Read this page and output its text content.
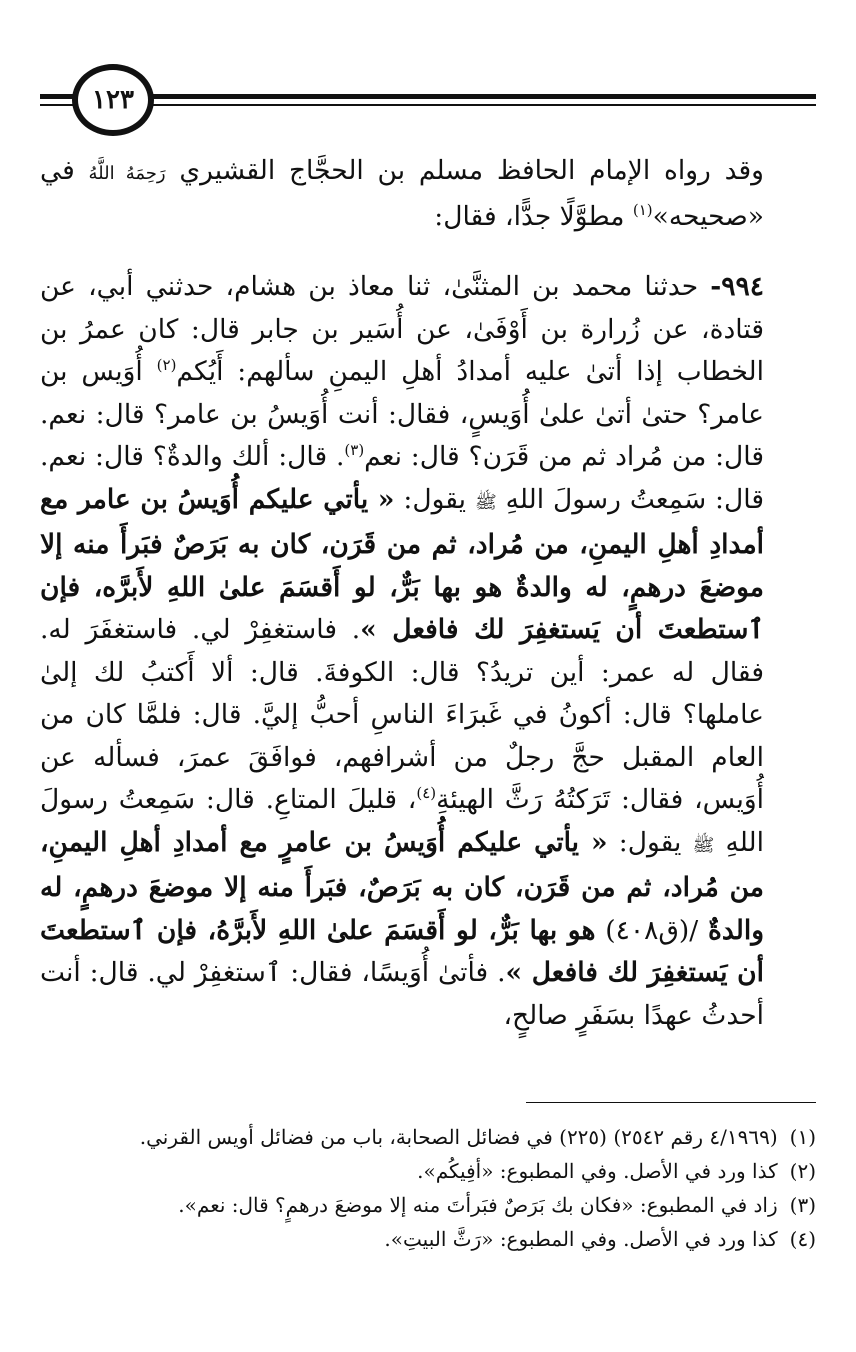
١٢٣

وقد رواه الإمام الحافظ مسلم بن الحجَّاج القشيري رَحِمَهُ اللَّهُ في «صحيحه»$^{(١)}$ مطوَّلًا جدًّا، فقال:

٩٩٤- حدثنا محمد بن المثنَّىٰ، ثنا معاذ بن هشام، حدثني أبي، عن قتادة، عن زُرارة بن أَوْفَىٰ، عن أُسَير بن جابر قال: كان عمرُ بن الخطاب إذا أتىٰ عليه أمدادُ أهلِ اليمنِ سألهم: أَيُكم$^{(٢)}$ أُوَيس بن عامر؟ حتىٰ أتىٰ علىٰ أُوَيسٍ، فقال: أنت أُوَيسُ بن عامر؟ قال: نعم. قال: من مُراد ثم من قَرَن؟ قال: نعم$^{(٣)}$. قال: ألك والدةٌ؟ قال: نعم. قال: سَمِعتُ رسولَ اللهِ ﷺ يقول: « يأتي عليكم أُوَيسُ بن عامر مع أمدادِ أهلِ اليمنِ، من مُراد، ثم من قَرَن، كان به بَرَصٌ فبَرأَ منه إلا موضعَ درهمٍ، له والدةٌ هو بها بَرٌّ، لو أَقسَمَ علىٰ اللهِ لأَبرَّه، فإن ٱستطعتَ أن يَستغفِرَ لك فافعل ». فاستغفِرْ لي. فاستغفَرَ له. فقال له عمر: أين تريدُ؟ قال: الكوفةَ. قال: ألا أَكتبُ لك إلىٰ عاملها؟ قال: أكونُ في غَبرَاءَ الناسِ أحبُّ إليَّ. قال: فلمَّا كان من العام المقبل حجَّ رجلٌ من أشرافهم، فوافَقَ عمرَ، فسأله عن أُوَيس، فقال: تَرَكتُهُ رَثَّ الهيئةِ$^{(٤)}$، قليلَ المتاعِ. قال: سَمِعتُ رسولَ اللهِ ﷺ يقول: « يأتي عليكم أُوَيسُ بن عامرٍ مع أمدادِ أهلِ اليمنِ، من مُراد، ثم من قَرَن، كان به بَرَصٌ، فبَرأَ منه إلا موضعَ درهمٍ، له والدةٌ /(ق٤٠٨) هو بها بَرٌّ، لو أَقسَمَ علىٰ اللهِ لأَبرَّهُ، فإن ٱستطعتَ أن يَستغفِرَ لك فافعل ». فأتىٰ أُوَيسًا، فقال: ٱستغفِرْ لي. قال: أنت أحدثُ عهدًا بسَفَرٍ صالحٍ،

(١)
(٤/١٩٦٩ رقم ٢٥٤٢) (٢٢٥) في فضائل الصحابة، باب من فضائل أويس القرني.
(٢)
كذا ورد في الأصل. وفي المطبوع: «أفِيكُم».
(٣)
زاد في المطبوع: «فكان بك بَرَصٌ فبَرأتَ منه إلا موضعَ درهمٍ؟ قال: نعم».
(٤)
كذا ورد في الأصل. وفي المطبوع: «رَثَّ البيتِ».
